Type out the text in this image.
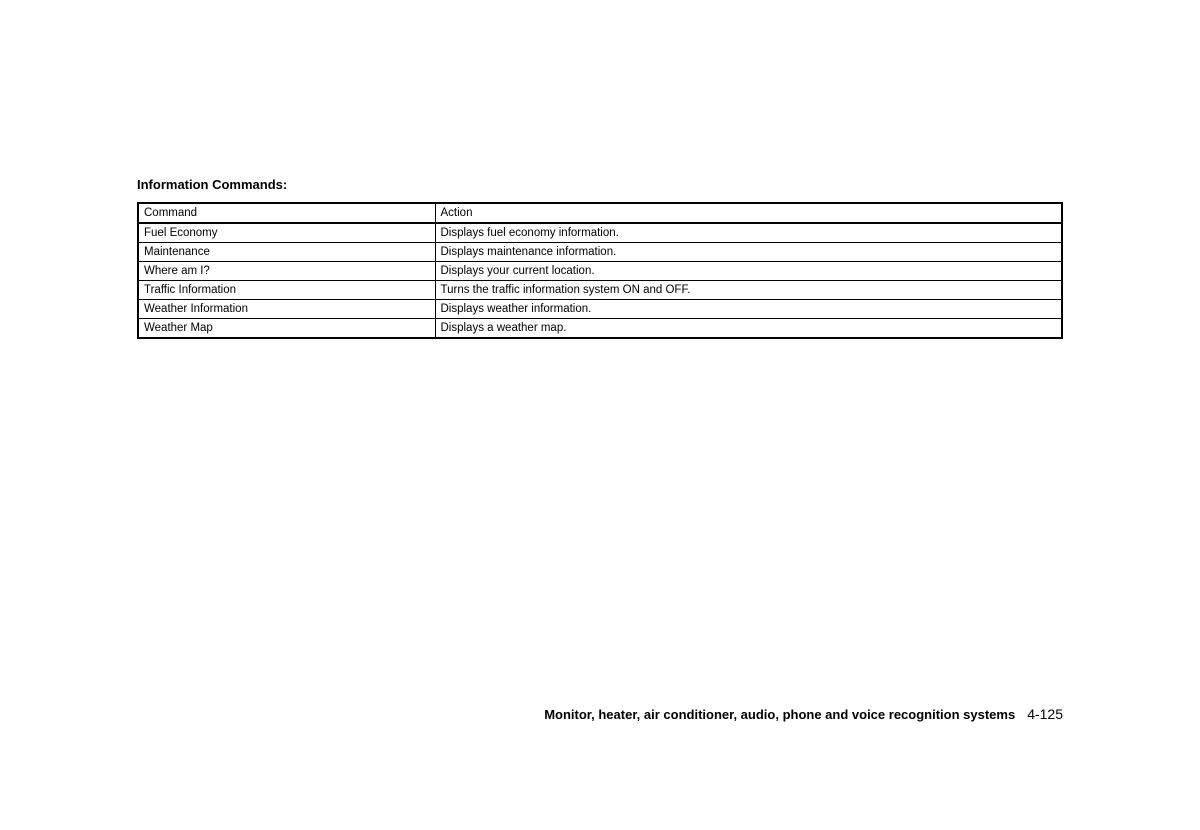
Information Commands:
Command	Action
Fuel Economy	Displays fuel economy information.
Maintenance	Displays maintenance information.
Where am I?	Displays your current location.
Traffic Information	Turns the traffic information system ON and OFF.
Weather Information	Displays weather information.
Weather Map	Displays a weather map.
Monitor, heater, air conditioner, audio, phone and voice recognition systems 4-125
